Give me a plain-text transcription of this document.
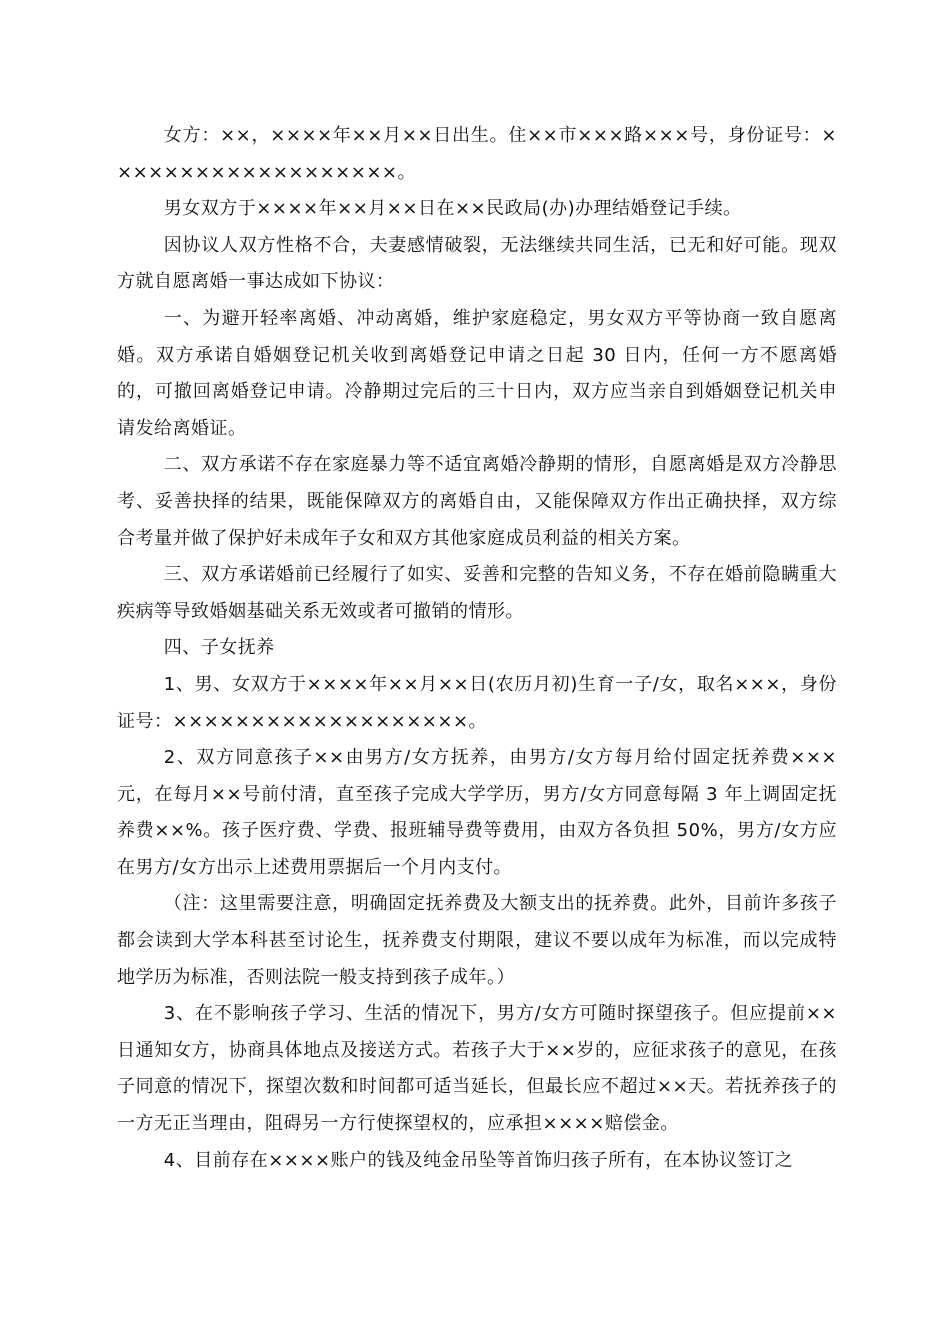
女方：××，××××年××月××日出生。住××市×××路×××号，身份证号：×××××××××××××××××××。

男女双方于××××年××月××日在××民政局(办)办理结婚登记手续。

因协议人双方性格不合，夫妻感情破裂，无法继续共同生活，已无和好可能。现双方就自愿离婚一事达成如下协议：

一、为避开轻率离婚、冲动离婚，维护家庭稳定，男女双方平等协商一致自愿离婚。双方承诺自婚姻登记机关收到离婚登记申请之日起 30 日内，任何一方不愿离婚的，可撤回离婚登记申请。冷静期过完后的三十日内，双方应当亲自到婚姻登记机关申请发给离婚证。

二、双方承诺不存在家庭暴力等不适宜离婚冷静期的情形，自愿离婚是双方冷静思考、妥善抉择的结果，既能保障双方的离婚自由，又能保障双方作出正确抉择，双方综合考量并做了保护好未成年子女和双方其他家庭成员利益的相关方案。

三、双方承诺婚前已经履行了如实、妥善和完整的告知义务，不存在婚前隐瞒重大疾病等导致婚姻基础关系无效或者可撤销的情形。

四、子女抚养

1、男、女双方于××××年××月××日(农历月初)生育一子/女，取名×××，身份证号：×××××××××××××××××××。

2、双方同意孩子××由男方/女方抚养，由男方/女方每月给付固定抚养费×××元，在每月××号前付清，直至孩子完成大学学历，男方/女方同意每隔 3 年上调固定抚养费××%。孩子医疗费、学费、报班辅导费等费用，由双方各负担 50%，男方/女方应在男方/女方出示上述费用票据后一个月内支付。

（注：这里需要注意，明确固定抚养费及大额支出的抚养费。此外，目前许多孩子都会读到大学本科甚至讨论生，抚养费支付期限，建议不要以成年为标准，而以完成特地学历为标准，否则法院一般支持到孩子成年。）

3、在不影响孩子学习、生活的情况下，男方/女方可随时探望孩子。但应提前××日通知女方，协商具体地点及接送方式。若孩子大于××岁的，应征求孩子的意见，在孩子同意的情况下，探望次数和时间都可适当延长，但最长应不超过××天。若抚养孩子的一方无正当理由，阻碍另一方行使探望权的，应承担××××赔偿金。

4、目前存在××××账户的钱及纯金吊坠等首饰归孩子所有，在本协议签订之
